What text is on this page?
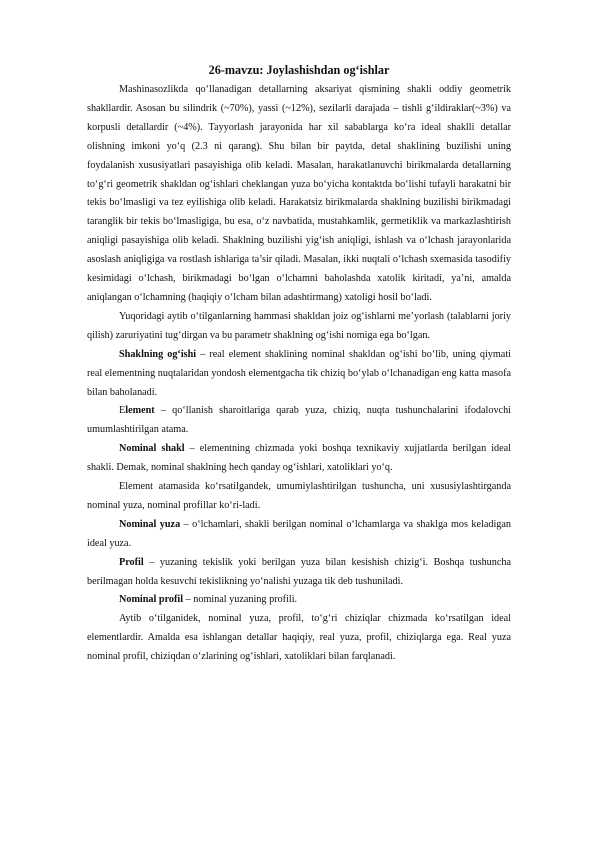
26-mavzu: Joylashishdan og‘ishlar

Mashinasozlikda qo‘llanadigan detallarning aksariyat qismining shakli oddiy geometrik shakllardir. Asosan bu silindrik (~70%), yassi (~12%), sezilarli darajada – tishli g‘ildiraklar(~3%) va korpusli detallardir (~4%). Tayyorlash jarayonida har xil sabablarga ko‘ra ideal shaklli detallar olishning imkoni yo‘q (2.3 ni qarang). Shu bilan bir paytda, detal shaklining buzilishi uning foydalanish xususiyatlari pasayishiga olib keladi. Masalan, harakatlanuvchi birikmalarda detallarning to‘g‘ri geometrik shakldan og‘ishlari cheklangan yuza bo‘yicha kontaktda bo‘lishi tufayli harakatni bir tekis bo‘lmasligi va tez eyilishiga olib keladi. Harakatsiz birikmalarda shaklning buzilishi birikmadagi taranglik bir tekis bo‘lmasligiga, bu esa, o‘z navbatida, mustahkamlik, germetiklik va markazlashtirish aniqligi pasayishiga olib keladi. Shaklning buzilishi yig‘ish aniqligi, ishlash va o‘lchash jarayonlarida asoslash aniqligiga va rostlash ishlariga ta’sir qiladi. Masalan, ikki nuqtali o‘lchash sxemasida tasodifiy kesimidagi o‘lchash, birikmadagi bo‘lgan o‘lchamni baholashda xatolik kiritadi, ya’ni, amalda aniqlangan o‘lchamning (haqiqiy o‘lcham bilan adashtirmang) xatoligi hosil bo‘ladi.

Yuqoridagi aytib o‘tilganlarning hammasi shakldan joiz og‘ishlarni me’yorlash (talablarni joriy qilish) zaruriyatini tug‘dirgan va bu parametr shaklning og‘ishi nomiga ega bo‘lgan.

Shaklning og‘ishi – real element shaklining nominal shakldan og‘ishi bo‘lib, uning qiymati real elementning nuqtalaridan yondosh elementgacha tik chiziq bo‘ylab o‘lchanadigan eng katta masofa bilan baholanadi.

Element – qo‘llanish sharoitlariga qarab yuza, chiziq, nuqta tushunchalarini ifodalovchi umumlashtirilgan atama.

Nominal shakl – elementning chizmada yoki boshqa texnikaviy xujjatlarda berilgan ideal shakli. Demak, nominal shaklning hech qanday og‘ishlari, xatoliklari yo‘q.

Element atamasida ko‘rsatilgandek, umumiylashtirilgan tushuncha, uni xususiylashtirganda nominal yuza, nominal profillar ko‘ri-ladi.

Nominal yuza – o‘lchamlari, shakli berilgan nominal o‘lchamlarga va shaklga mos keladigan ideal yuza.

Profil – yuzaning tekislik yoki berilgan yuza bilan kesishish chizig‘i. Boshqa tushuncha berilmagan holda kesuvchi tekislikning yo‘nalishi yuzaga tik deb tushuniladi.

Nominal profil – nominal yuzaning profili.

Aytib o‘tilganidek, nominal yuza, profil, to‘g‘ri chiziqlar chizmada ko‘rsatilgan ideal elementlardir. Amalda esa ishlangan detallar haqiqiy, real yuza, profil, chiziqlarga ega. Real yuza nominal profil, chiziqdan o‘zlarining og‘ishlari, xatoliklari bilan farqlanadi.
